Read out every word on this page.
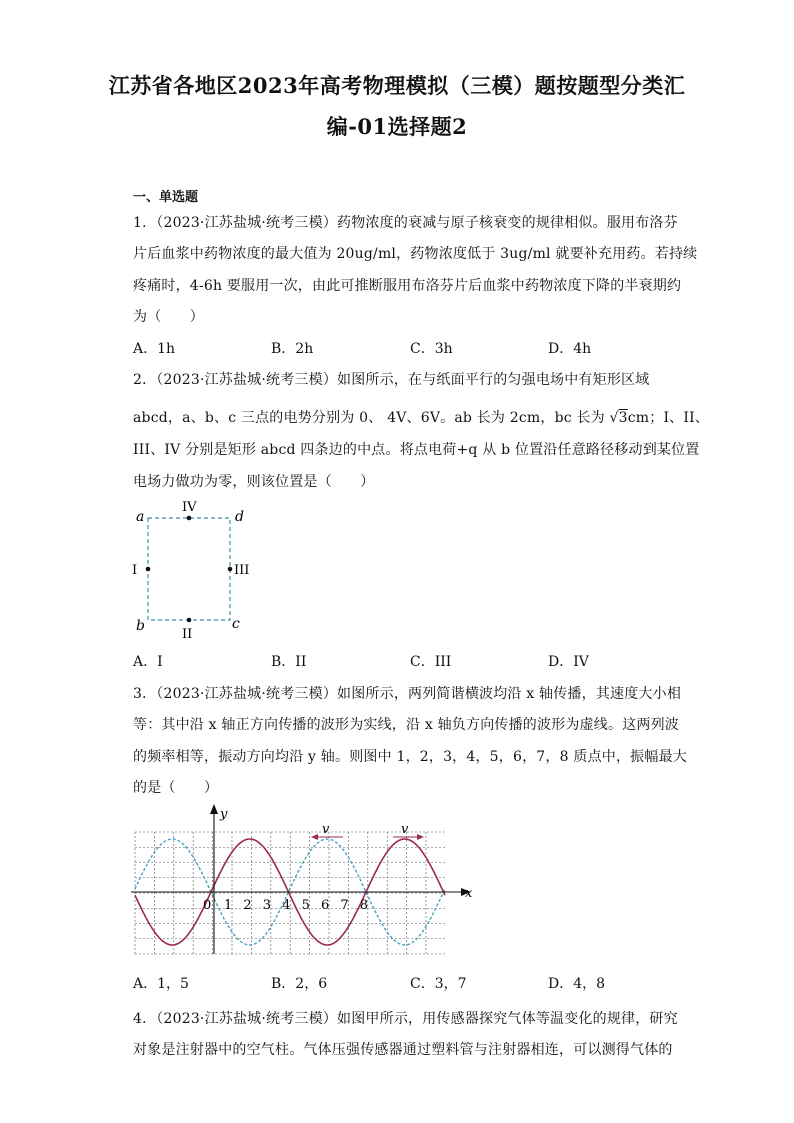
江苏省各地区2023年高考物理模拟（三模）题按题型分类汇
编-01选择题2
一、单选题
1．（2023·江苏盐城·统考三模）药物浓度的衰减与原子核衰变的规律相似。服用布洛芬
片后血浆中药物浓度的最大值为 20ug/ml，药物浓度低于 3ug/ml 就要补充用药。若持续
疼痛时，4-6h 要服用一次，由此可推断服用布洛芬片后血浆中药物浓度下降的半衰期约
为（　　）
A．1h	B．2h	C．3h	D．4h
2．（2023·江苏盐城·统考三模）如图所示，在与纸面平行的匀强电场中有矩形区域
abcd，a、b、c 三点的电势分别为 0、 4V、6V。ab 长为 2cm，bc 长为 √3cm；I、II、
III、IV 分别是矩形 abcd 四条边的中点。将点电荷+q 从 b 位置沿任意路径移动到某位置
电场力做功为零，则该位置是（　　）
a	d
b	c
IV
I	III
II
A．I	B．II	C．III	D．IV
3．（2023·江苏盐城·统考三模）如图所示，两列简谐横波均沿 x 轴传播，其速度大小相
等：其中沿 x 轴正方向传播的波形为实线，沿 x 轴负方向传播的波形为虚线。这两列波
的频率相等，振动方向均沿 y 轴。则图中 1，2，3，4，5，6，7，8 质点中，振幅最大
的是（　　）
y
x
0 1 2 3 4 5 6 7 8
v	v
A．1，5	B．2，6	C．3，7	D．4，8
4．（2023·江苏盐城·统考三模）如图甲所示，用传感器探究气体等温变化的规律，研究
对象是注射器中的空气柱。气体压强传感器通过塑料管与注射器相连，可以测得气体的
